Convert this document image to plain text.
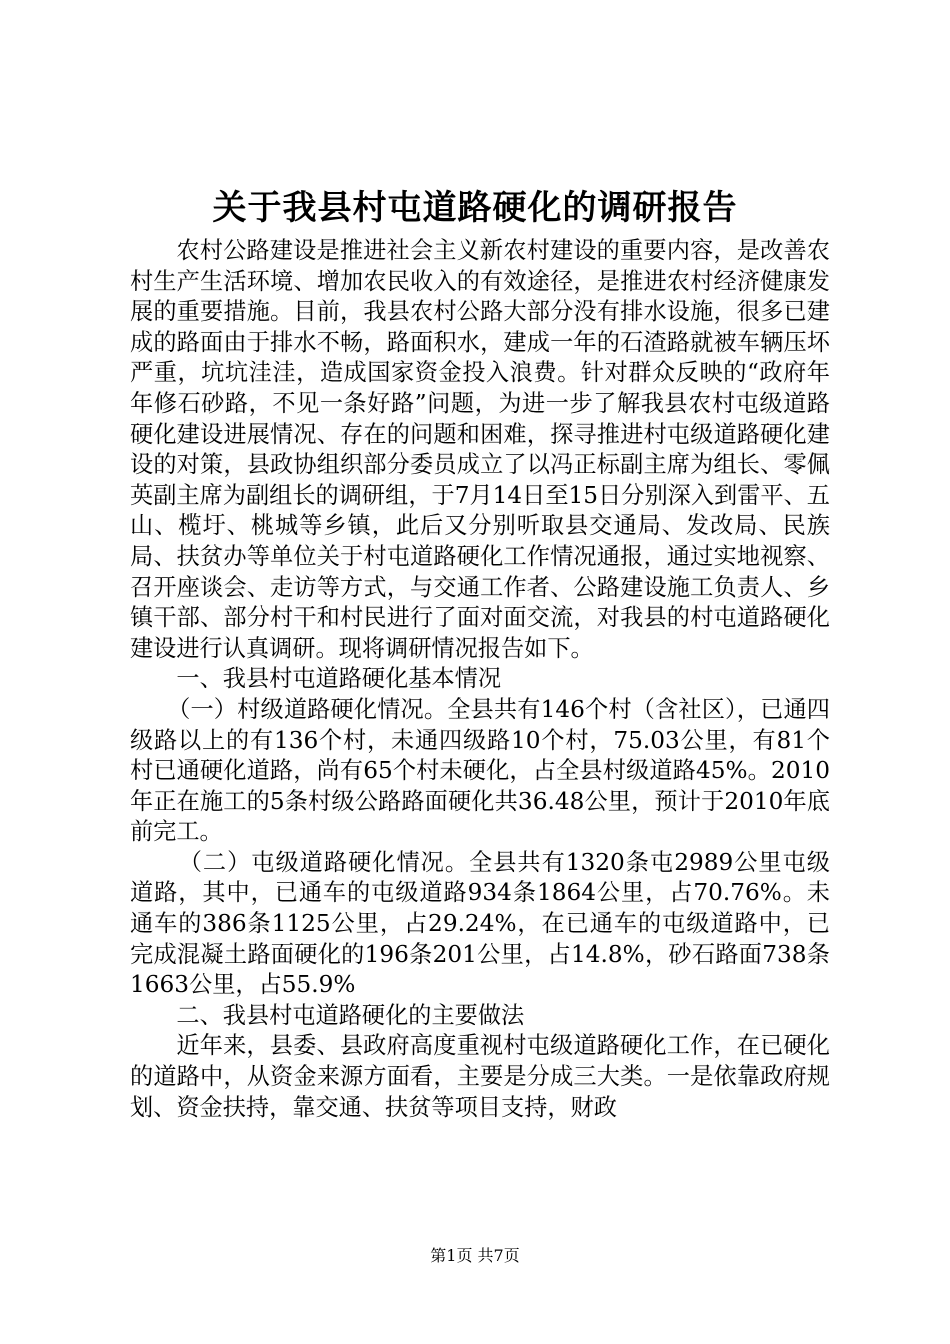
关于我县村屯道路硬化的调研报告

农村公路建设是推进社会主义新农村建设的重要内容，是改善农村生产生活环境、增加农民收入的有效途径，是推进农村经济健康发展的重要措施。目前，我县农村公路大部分没有排水设施，很多已建成的路面由于排水不畅，路面积水，建成一年的石渣路就被车辆压坏严重，坑坑洼洼，造成国家资金投入浪费。针对群众反映的“政府年年修石砂路，不见一条好路”问题，为进一步了解我县农村屯级道路硬化建设进展情况、存在的问题和困难，探寻推进村屯级道路硬化建设的对策，县政协组织部分委员成立了以冯正标副主席为组长、零佩英副主席为副组长的调研组，于7月14日至15日分别深入到雷平、五山、榄圩、桃城等乡镇，此后又分别听取县交通局、发改局、民族局、扶贫办等单位关于村屯道路硬化工作情况通报，通过实地视察、召开座谈会、走访等方式，与交通工作者、公路建设施工负责人、乡镇干部、部分村干和村民进行了面对面交流，对我县的村屯道路硬化建设进行认真调研。现将调研情况报告如下。

一、我县村屯道路硬化基本情况

（一）村级道路硬化情况。全县共有146个村（含社区），已通四级路以上的有136个村，未通四级路10个村，75.03公里，有81个村已通硬化道路，尚有65个村未硬化，占全县村级道路45%。2010年正在施工的5条村级公路路面硬化共36.48公里，预计于2010年底前完工。

（二）屯级道路硬化情况。全县共有1320条屯2989公里屯级道路，其中，已通车的屯级道路934条1864公里，占70.76%。未通车的386条1125公里，占29.24%，在已通车的屯级道路中，已完成混凝土路面硬化的196条201公里，占14.8%，砂石路面738条1663公里，占55.9%

二、我县村屯道路硬化的主要做法

近年来，县委、县政府高度重视村屯级道路硬化工作，在已硬化的道路中，从资金来源方面看，主要是分成三大类。一是依靠政府规划、资金扶持，靠交通、扶贫等项目支持，财政

第1页 共7页
